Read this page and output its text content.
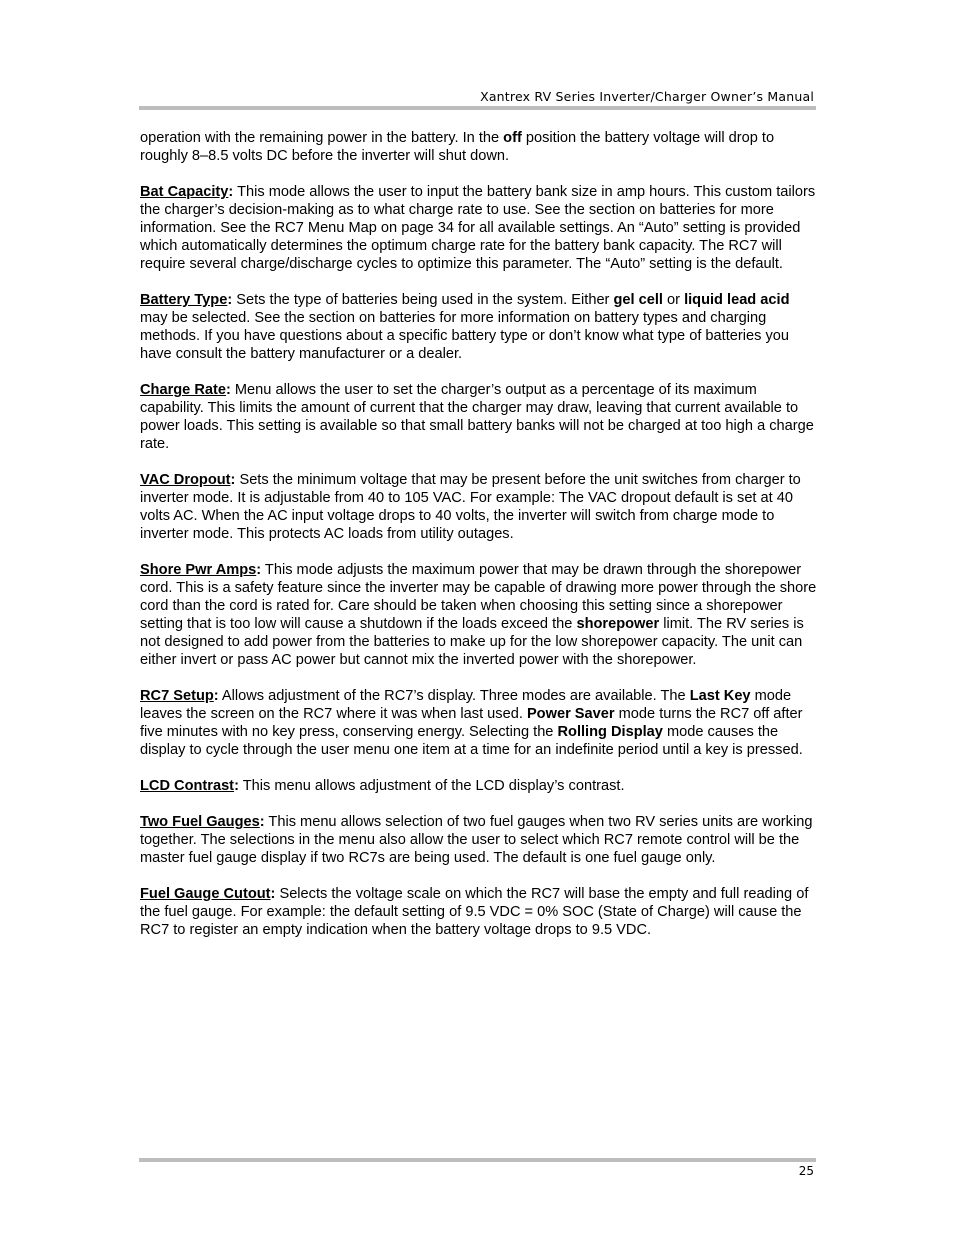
Xantrex RV Series Inverter/Charger Owner’s Manual

operation with the remaining power in the battery. In the off position the battery voltage will drop to roughly 8–8.5 volts DC before the inverter will shut down.

Bat Capacity: This mode allows the user to input the battery bank size in amp hours. This custom tailors the charger’s decision-making as to what charge rate to use. See the section on batteries for more information. See the RC7 Menu Map on page 34 for all available settings. An “Auto” setting is provided which automatically determines the optimum charge rate for the battery bank capacity. The RC7 will require several charge/discharge cycles to optimize this parameter. The “Auto” setting is the default.

Battery Type: Sets the type of batteries being used in the system. Either gel cell or liquid lead acid may be selected. See the section on batteries for more information on battery types and charging methods. If you have questions about a specific battery type or don’t know what type of batteries you have consult the battery manufacturer or a dealer.

Charge Rate: Menu allows the user to set the charger’s output as a percentage of its maximum capability. This limits the amount of current that the charger may draw, leaving that current available to power loads. This setting is available so that small battery banks will not be charged at too high a charge rate.

VAC Dropout: Sets the minimum voltage that may be present before the unit switches from charger to inverter mode. It is adjustable from 40 to 105 VAC. For example: The VAC dropout default is set at 40 volts AC. When the AC input voltage drops to 40 volts, the inverter will switch from charge mode to inverter mode. This protects AC loads from utility outages.

Shore Pwr Amps: This mode adjusts the maximum power that may be drawn through the shorepower cord. This is a safety feature since the inverter may be capable of drawing more power through the shore cord than the cord is rated for. Care should be taken when choosing this setting since a shorepower setting that is too low will cause a shutdown if the loads exceed the shorepower limit. The RV series is not designed to add power from the batteries to make up for the low shorepower capacity. The unit can either invert or pass AC power but cannot mix the inverted power with the shorepower.

RC7 Setup: Allows adjustment of the RC7’s display. Three modes are available. The Last Key mode leaves the screen on the RC7 where it was when last used. Power Saver mode turns the RC7 off after five minutes with no key press, conserving energy. Selecting the Rolling Display mode causes the display to cycle through the user menu one item at a time for an indefinite period until a key is pressed.

LCD Contrast: This menu allows adjustment of the LCD display’s contrast.

Two Fuel Gauges: This menu allows selection of two fuel gauges when two RV series units are working together. The selections in the menu also allow the user to select which RC7 remote control will be the master fuel gauge display if two RC7s are being used. The default is one fuel gauge only.

Fuel Gauge Cutout: Selects the voltage scale on which the RC7 will base the empty and full reading of the fuel gauge. For example: the default setting of 9.5 VDC = 0% SOC (State of Charge) will cause the RC7 to register an empty indication when the battery voltage drops to 9.5 VDC.

25
